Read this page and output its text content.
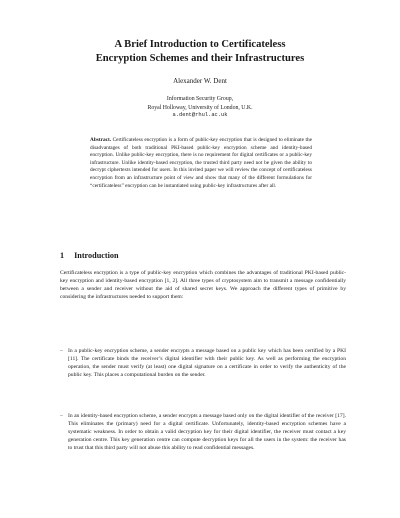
A Brief Introduction to Certificateless
Encryption Schemes and their Infrastructures
Alexander W. Dent
Information Security Group,
Royal Holloway, University of London, U.K.
a.dent@rhul.ac.uk
Abstract. Certificateless encryption is a form of public-key encryption that is designed to eliminate the disadvantages of both traditional PKI-based public-key encryption scheme and identity-based encryption. Unlike public-key encryption, there is no requirement for digital certificates or a public-key infrastructure. Unlike identity-based encryption, the trusted third party need not be given the ability to decrypt ciphertexts intended for users. In this invited paper we will review the concept of certificateless encryption from an infrastructure point of view and show that many of the different formulations for “certificateless” encryption can be instantiated using public-key infrastructures after all.
1 Introduction
Certificateless encryption is a type of public-key encryption which combines the advantages of traditional PKI-based public-key encryption and identity-based encryption [1, 2]. All three types of cryptosystem aim to transmit a message confidentially between a sender and receiver without the aid of shared secret keys. We approach the different types of primitive by considering the infrastructures needed to support them:
– In a public-key encryption scheme, a sender encrypts a message based on a public key which has been certified by a PKI [11]. The certificate binds the receiver’s digital identifier with their public key. As well as performing the encryption operation, the sender must verify (at least) one digital signature on a certificate in order to verify the authenticity of the public key. This places a computational burden on the sender.
– In an identity-based encryption scheme, a sender encrypts a message based only on the digital identifier of the receiver [17]. This eliminates the (primary) need for a digital certificate. Unfortunately, identity-based encryption schemes have a systematic weakness. In order to obtain a valid decryption key for their digital identifier, the receiver must contact a key generation centre. This key generation centre can compute decryption keys for all the users in the system: the receiver has to trust that this third party will not abuse this ability to read confidential messages.
